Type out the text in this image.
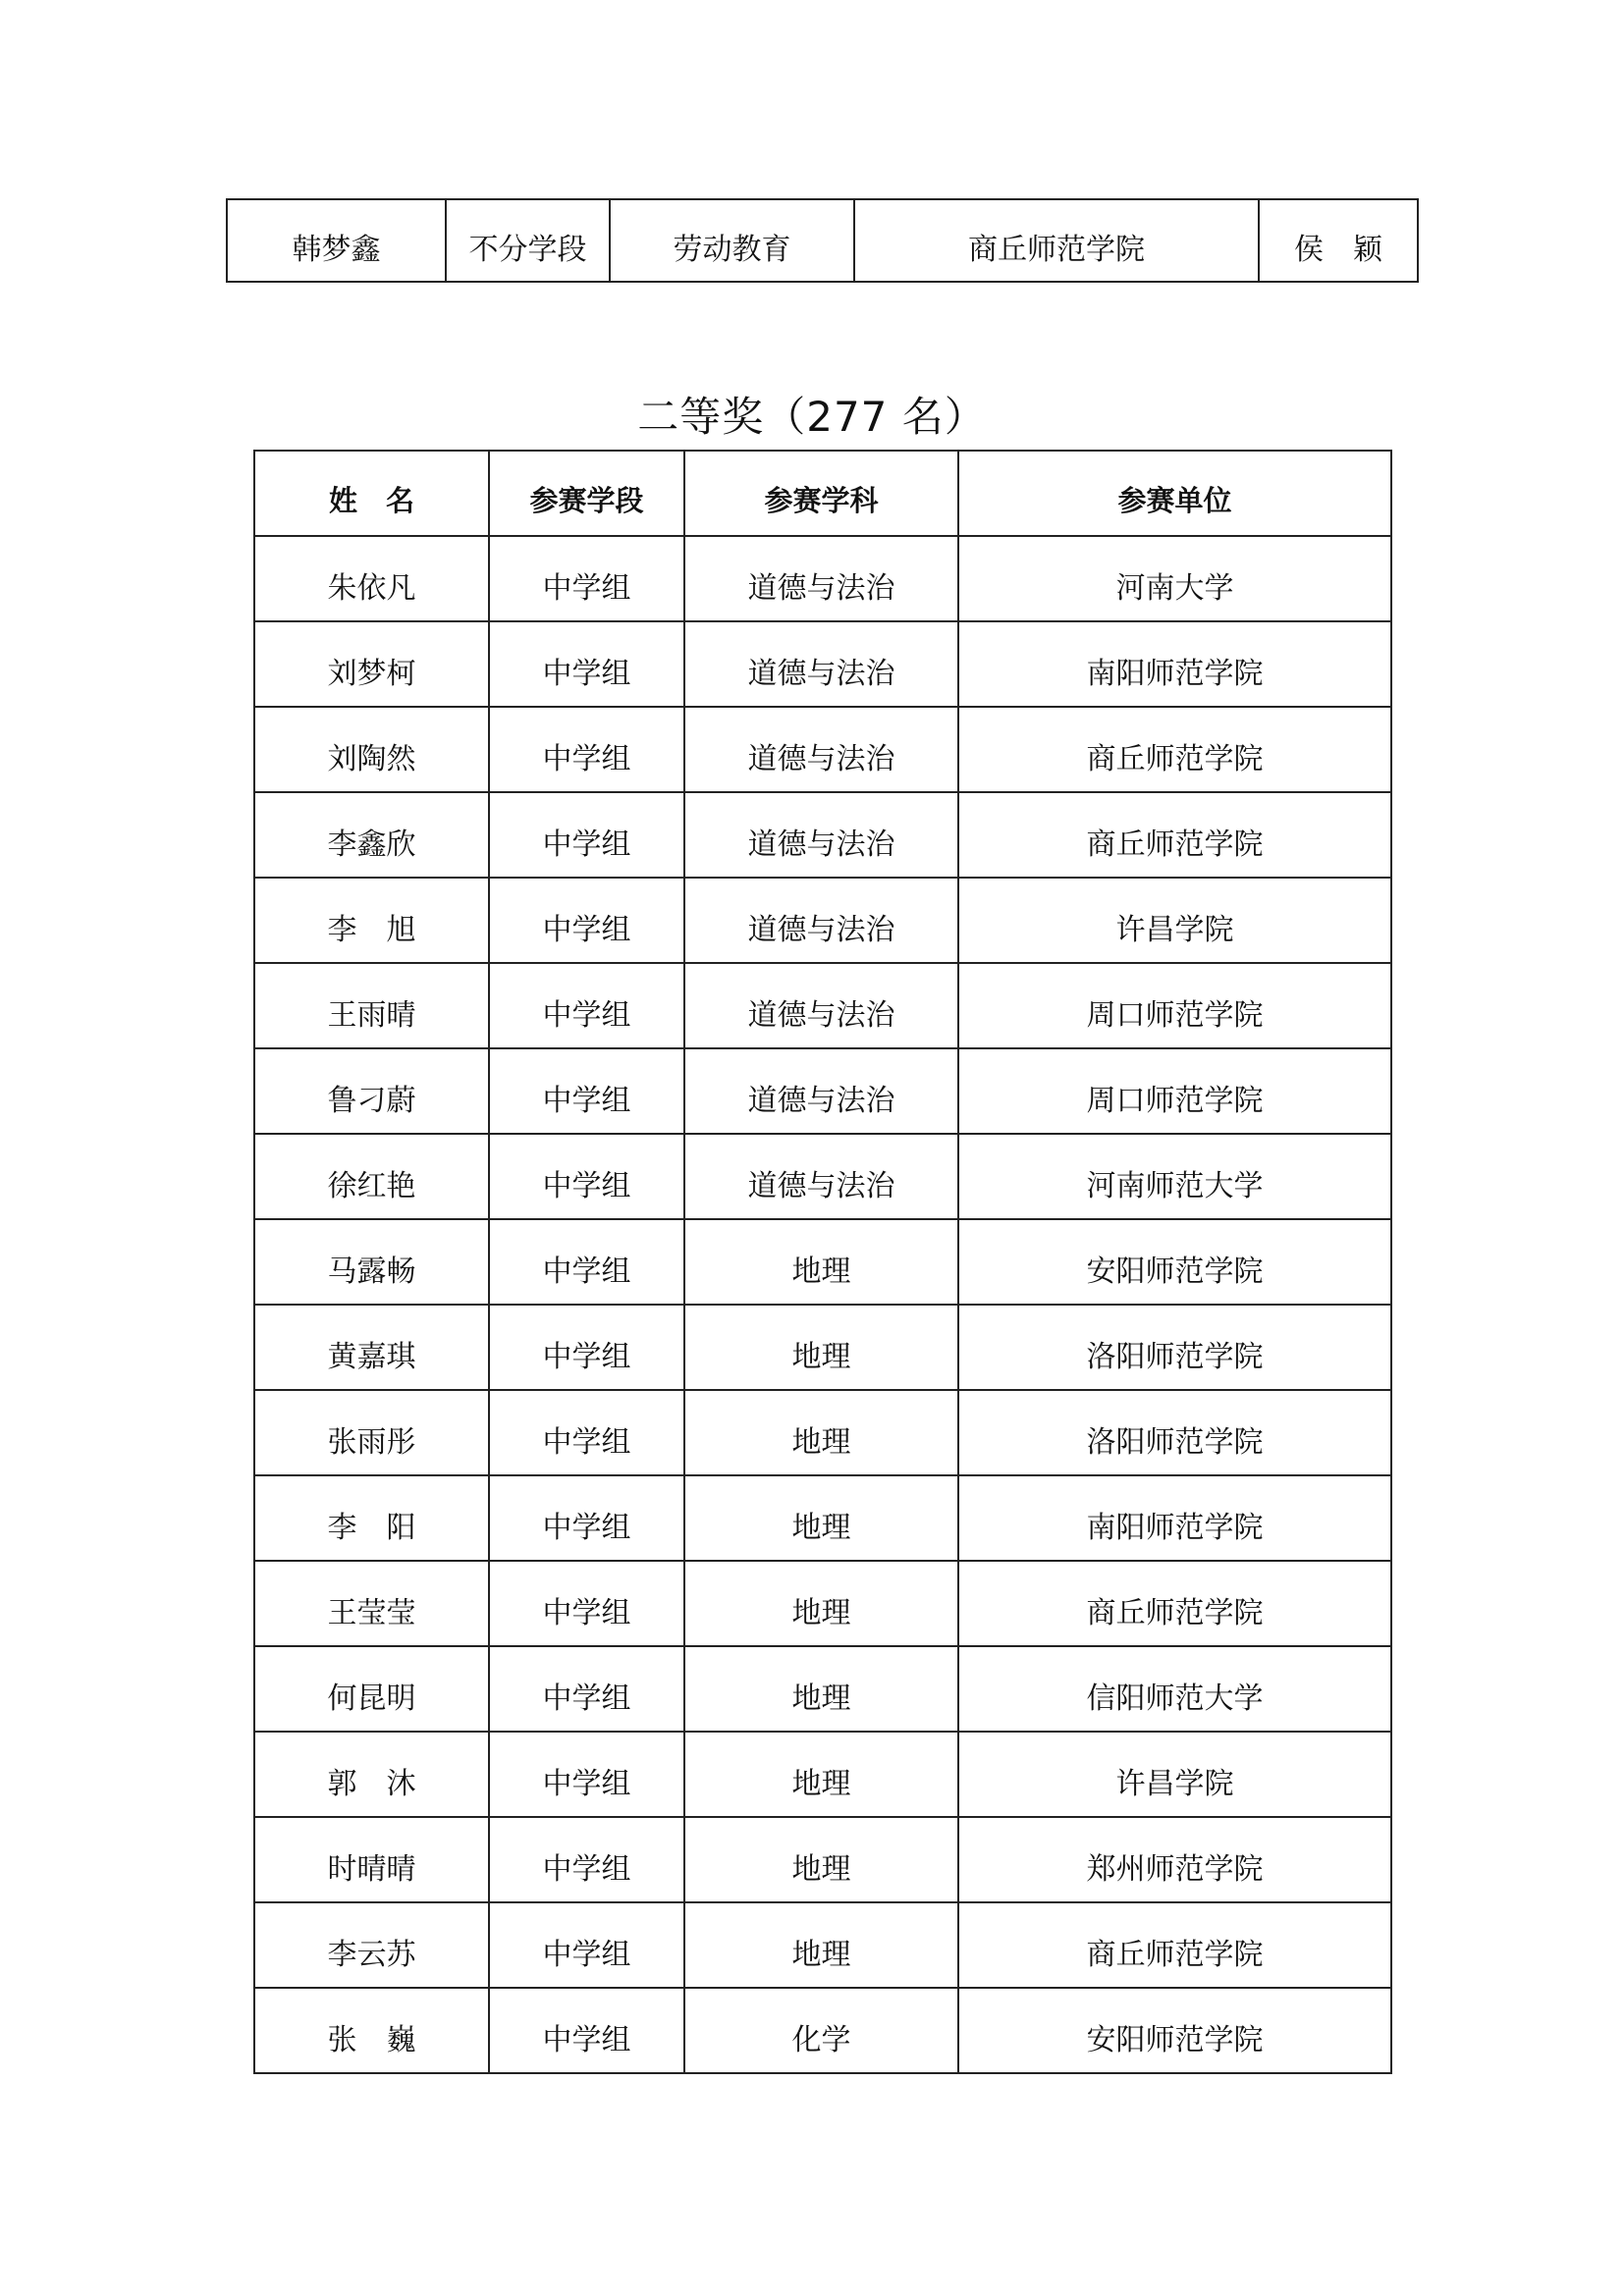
韩梦鑫	不分学段	劳动教育	商丘师范学院	侯　颖
二等奖（277 名）
姓　名	参赛学段	参赛学科	参赛单位
朱依凡	中学组	道德与法治	河南大学
刘梦柯	中学组	道德与法治	南阳师范学院
刘陶然	中学组	道德与法治	商丘师范学院
李鑫欣	中学组	道德与法治	商丘师范学院
李　旭	中学组	道德与法治	许昌学院
王雨晴	中学组	道德与法治	周口师范学院
鲁刁蔚	中学组	道德与法治	周口师范学院
徐红艳	中学组	道德与法治	河南师范大学
马露畅	中学组	地理	安阳师范学院
黄嘉琪	中学组	地理	洛阳师范学院
张雨彤	中学组	地理	洛阳师范学院
李　阳	中学组	地理	南阳师范学院
王莹莹	中学组	地理	商丘师范学院
何昆明	中学组	地理	信阳师范大学
郭　沐	中学组	地理	许昌学院
时晴晴	中学组	地理	郑州师范学院
李云苏	中学组	地理	商丘师范学院
张　巍	中学组	化学	安阳师范学院
